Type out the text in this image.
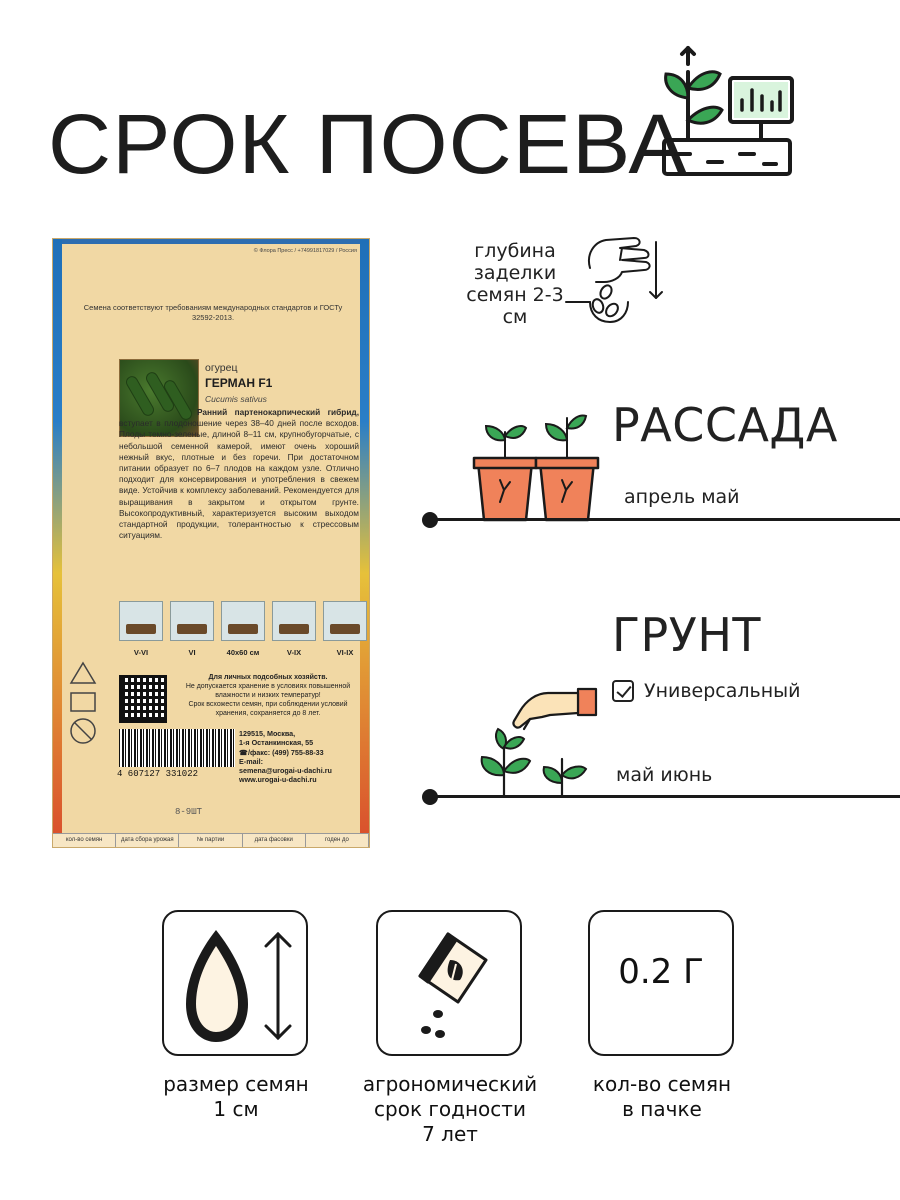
СРОК ПОСЕВА
© Флора Пресс / +74991817029 / Россия
Семена соответствуют требованиям международных стандартов и ГОСТу 32592-2013.
огурец
ГЕРМАН F1
Cucumis sativus
Ранний партенокарпический гибрид, вступает в плодоношение через 38–40 дней после всходов. Плоды темно-зеленые, длиной 8–11 см, крупнобугорчатые, с небольшой семенной камерой, имеют очень хороший нежный вкус, плотные и без горечи. При достаточном питании образует по 6–7 плодов на каждом узле. Отлично подходит для консервирования и употребления в свежем виде. Устойчив к комплексу заболеваний. Рекомендуется для выращивания в закрытом и открытом грунте. Высокопродуктивный, характеризуется высоким выходом стандартной продукции, толерантностью к стрессовым ситуациям.
V-VI	VI	40x60 см	V-IX	VI-IX
Для личных подсобных хозяйств.
Не допускается хранение в условиях повышенной влажности и низких температур!
Срок всхожести семян, при соблюдении условий хранения, сохраняется до 8 лет.
4 607127 331022
129515, Москва,
1-я Останкинская, 55
☎/факс: (499) 755-88-33
E-mail:
semena@urogai-u-dachi.ru
www.urogai-u-dachi.ru
8-9ШТ
кол-во семян	дата сбора урожая	№ партии	дата фасовки	годен до
глубина заделки семян 2-3 см
РАССАДА
апрель май
ГРУНТ
Универсальный
май июнь
размер семян
1 см
агрономический
срок годности
7 лет
0.2 Г
кол-во семян
в пачке
